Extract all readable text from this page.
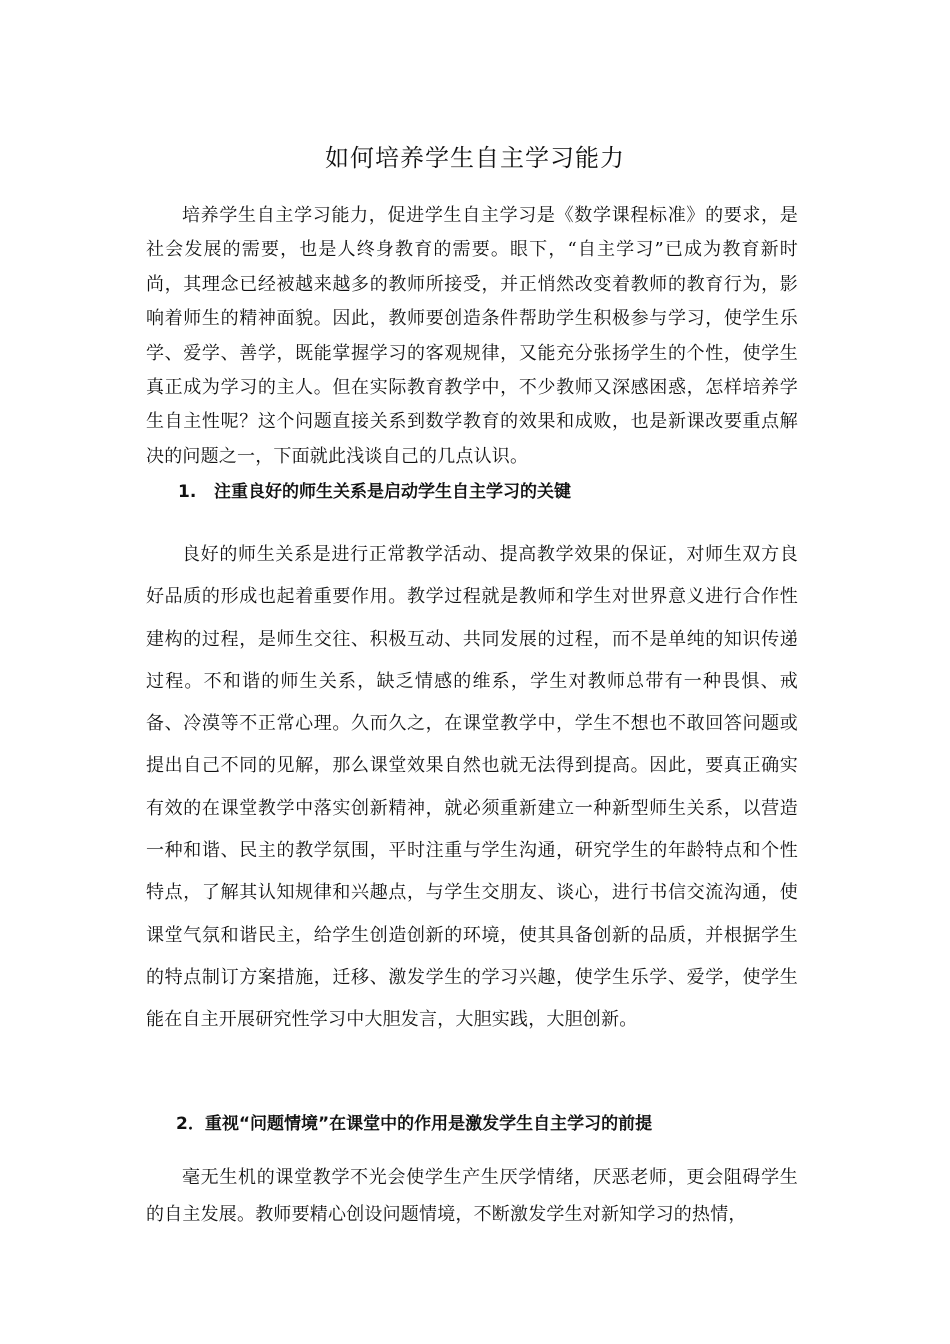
如何培养学生自主学习能力

培养学生自主学习能力，促进学生自主学习是《数学课程标准》的要求，是社会发展的需要，也是人终身教育的需要。眼下，“自主学习”已成为教育新时尚，其理念已经被越来越多的教师所接受，并正悄然改变着教师的教育行为，影响着师生的精神面貌。因此，教师要创造条件帮助学生积极参与学习，使学生乐学、爱学、善学，既能掌握学习的客观规律，又能充分张扬学生的个性，使学生真正成为学习的主人。但在实际教育教学中，不少教师又深感困惑，怎样培养学生自主性呢？这个问题直接关系到数学教育的效果和成败，也是新课改要重点解决的问题之一，下面就此浅谈自己的几点认识。

1.   注重良好的师生关系是启动学生自主学习的关键

良好的师生关系是进行正常教学活动、提高教学效果的保证，对师生双方良好品质的形成也起着重要作用。教学过程就是教师和学生对世界意义进行合作性建构的过程，是师生交往、积极互动、共同发展的过程，而不是单纯的知识传递过程。不和谐的师生关系，缺乏情感的维系，学生对教师总带有一种畏惧、戒备、冷漠等不正常心理。久而久之，在课堂教学中，学生不想也不敢回答问题或提出自己不同的见解，那么课堂效果自然也就无法得到提高。因此，要真正确实有效的在课堂教学中落实创新精神，就必须重新建立一种新型师生关系，以营造一种和谐、民主的教学氛围，平时注重与学生沟通，研究学生的年龄特点和个性特点，了解其认知规律和兴趣点，与学生交朋友、谈心，进行书信交流沟通，使课堂气氛和谐民主，给学生创造创新的环境，使其具备创新的品质，并根据学生的特点制订方案措施，迁移、激发学生的学习兴趣，使学生乐学、爱学，使学生能在自主开展研究性学习中大胆发言，大胆实践，大胆创新。

2．重视“问题情境”在课堂中的作用是激发学生自主学习的前提

毫无生机的课堂教学不光会使学生产生厌学情绪，厌恶老师，更会阻碍学生的自主发展。教师要精心创设问题情境，不断激发学生对新知学习的热情，
